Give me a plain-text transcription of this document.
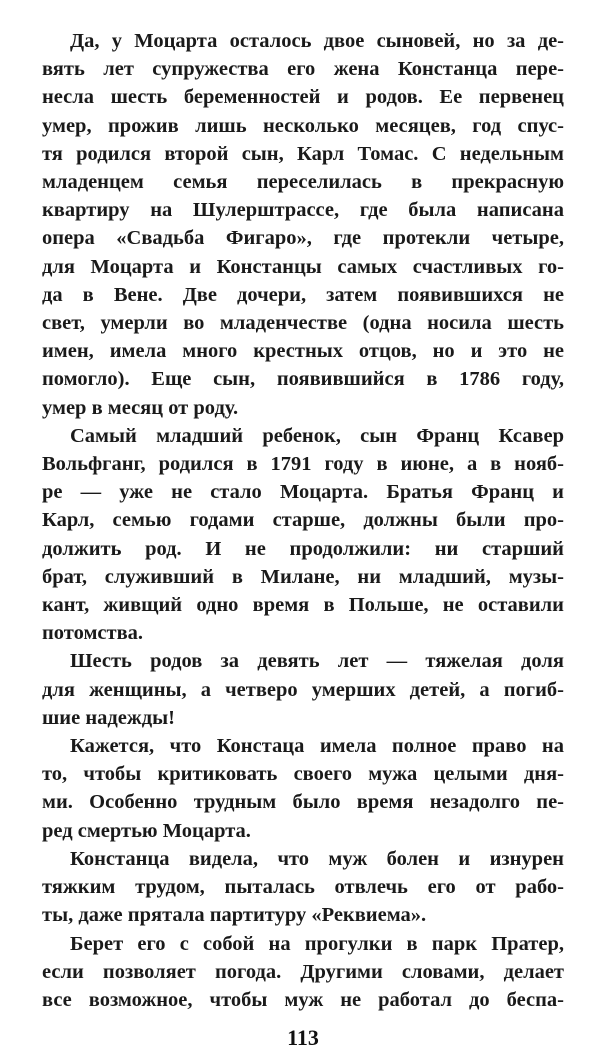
Да, у Моцарта осталось двое сыновей, но за де-
вять лет супружества его жена Констанца пере-
несла шесть беременностей и родов. Ее первенец
умер, прожив лишь несколько месяцев, год спус-
тя родился второй сын, Карл Томас. С недельным
младенцем семья переселилась в прекрасную
квартиру на Шулерштрассе, где была написана
опера «Свадьба Фигаро», где протекли четыре,
для Моцарта и Констанцы самых счастливых го-
да в Вене. Две дочери, затем появившихся не
свет, умерли во младенчестве (одна носила шесть
имен, имела много крестных отцов, но и это не
помогло). Еще сын, появившийся в 1786 году,
умер в месяц от роду.
Самый младший ребенок, сын Франц Ксавер
Вольфганг, родился в 1791 году в июне, а в нояб-
ре — уже не стало Моцарта. Братья Франц и
Карл, семью годами старше, должны были про-
должить род. И не продолжили: ни старший
брат, служивший в Милане, ни младший, музы-
кант, живщий одно время в Польше, не оставили
потомства.
Шесть родов за девять лет — тяжелая доля
для женщины, а четверо умерших детей, а погиб-
шие надежды!
Кажется, что Констаца имела полное право на
то, чтобы критиковать своего мужа целыми дня-
ми. Особенно трудным было время незадолго пе-
ред смертью Моцарта.
Констанца видела, что муж болен и изнурен
тяжким трудом, пыталась отвлечь его от рабо-
ты, даже прятала партитуру «Реквиема».
Берет его с собой на прогулки в парк Пратер,
если позволяет погода. Другими словами, делает
все возможное, чтобы муж не работал до беспа-
113
